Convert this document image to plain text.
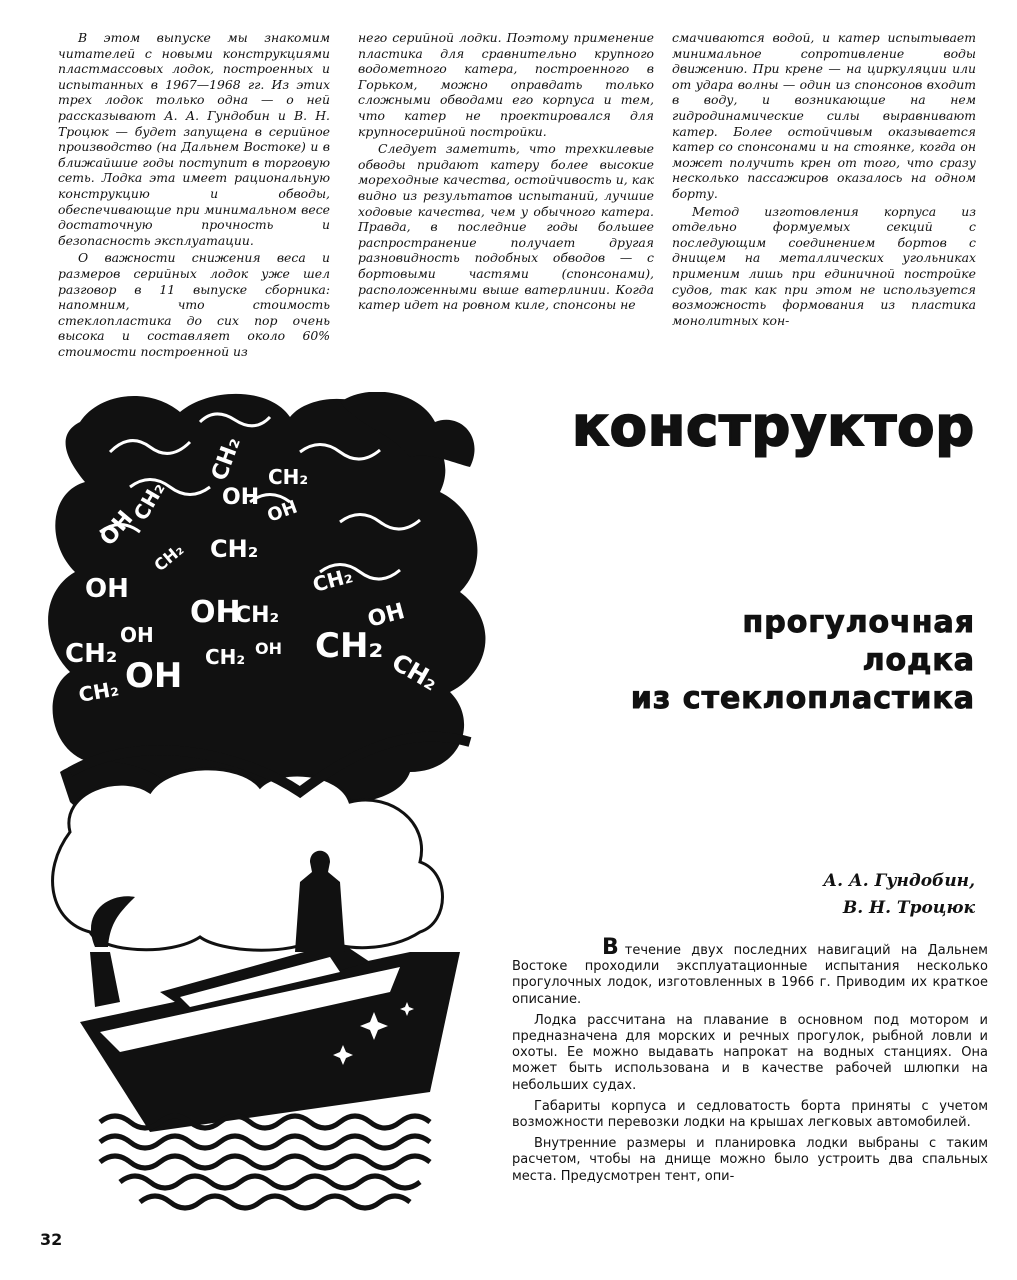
В этом выпуске мы знакомим читателей с новыми конструкциями пластмассовых лодок, построенных и испытанных в 1967—1968 гг. Из этих трех лодок только одна — о ней рассказывают А. А. Гундобин и В. Н. Троцюк — будет запущена в серийное производство (на Дальнем Востоке) и в ближайшие годы поступит в торговую сеть. Лодка эта имеет рациональную конструкцию и обводы, обеспечивающие при минимальном весе достаточную прочность и безопасность эксплуатации.

О важности снижения веса и размеров серийных лодок уже шел разговор в 11 выпуске сборника: напомним, что стоимость стеклопластика до сих пор очень высока и составляет около 60% стоимости построенной из

него серийной лодки. Поэтому применение пластика для сравнительно крупного водометного катера, построенного в Горьком, можно оправдать только сложными обводами его корпуса и тем, что катер не проектировался для крупносерийной постройки.

Следует заметить, что трехкилевые обводы придают катеру более высокие мореходные качества, остойчивость и, как видно из результатов испытаний, лучшие ходовые качества, чем у обычного катера. Правда, в последние годы большее распространение получает другая разновидность подобных обводов — с бортовыми частями (спонсонами), расположенными выше ватерлинии. Когда катер идет на ровном киле, спонсоны не

смачиваются водой, и катер испытывает минимальное сопротивление воды движению. При крене — на циркуляции или от удара волны — один из спонсонов входит в воду, и возникающие на нем гидродинамические силы выравнивают катер. Более остойчивым оказывается катер со спонсонами и на стоянке, когда он может получить крен от того, что сразу несколько пассажиров оказалось на одном борту.

Метод изготовления корпуса из отдельно формуемых секций с последующим соединением бортов с днищем на металлических угольниках применим лишь при единичной постройке судов, так как при этом не используется возможность формования из пластика монолитных кон-

CH₂
OH
CH₂
CH₂
OH
CH₂ CH₂
OH
CH₂
OH
OH
CH₂
OH
CH₂
CH₂ OH CH₂
OH
CH₂ OH	CH₂
конструктор
прогулочная
лодка
из стеклопластика
А. А. Гундобин,
В. Н. Троцюк

Втечение двух последних навигаций на Дальнем Востоке проходили эксплуатационные испытания несколько прогулочных лодок, изготовленных в 1966 г. Приводим их краткое описание.

Лодка рассчитана на плавание в основном под мотором и предназначена для морских и речных прогулок, рыбной ловли и охоты. Ее можно выдавать напрокат на водных станциях. Она может быть использована и в качестве рабочей шлюпки на небольших судах.

Габариты корпуса и седловатость борта приняты с учетом возможности перевозки лодки на крышах легковых автомобилей.

Внутренние размеры и планировка лодки выбраны с таким расчетом, чтобы на днище можно было устроить два спальных места. Предусмотрен тент, опи-

32
